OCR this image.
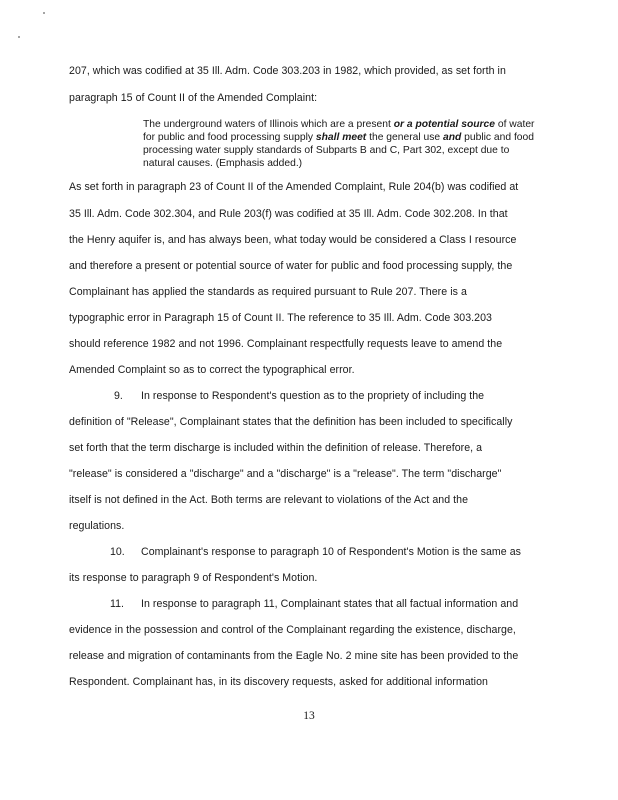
207, which was codified at 35 Ill. Adm. Code 303.203 in 1982, which provided, as set forth in
paragraph 15 of Count II of the Amended Complaint:
The underground waters of Illinois which are a present or a potential source of water for public and food processing supply shall meet the general use and public and food processing water supply standards of Subparts B and C, Part 302, except due to natural causes. (Emphasis added.)
As set forth in paragraph 23 of Count II of the Amended Complaint, Rule 204(b) was codified at
35 Ill. Adm. Code 302.304, and Rule 203(f) was codified at 35 Ill. Adm. Code 302.208. In that
the Henry aquifer is, and has always been, what today would be considered a Class I resource
and therefore a present or potential source of water for public and food processing supply, the
Complainant has applied the standards as required pursuant to Rule 207. There is a
typographic error in Paragraph 15 of Count II. The reference to 35 Ill. Adm. Code 303.203
should reference 1982 and not 1996. Complainant respectfully requests leave to amend the
Amended Complaint so as to correct the typographical error.
9. In response to Respondent's question as to the propriety of including the
definition of "Release", Complainant states that the definition has been included to specifically
set forth that the term discharge is included within the definition of release. Therefore, a
"release" is considered a "discharge" and a "discharge" is a "release". The term "discharge"
itself is not defined in the Act. Both terms are relevant to violations of the Act and the
regulations.
10. Complainant's response to paragraph 10 of Respondent's Motion is the same as
its response to paragraph 9 of Respondent's Motion.
11. In response to paragraph 11, Complainant states that all factual information and
evidence in the possession and control of the Complainant regarding the existence, discharge,
release and migration of contaminants from the Eagle No. 2 mine site has been provided to the
Respondent. Complainant has, in its discovery requests, asked for additional information
13
